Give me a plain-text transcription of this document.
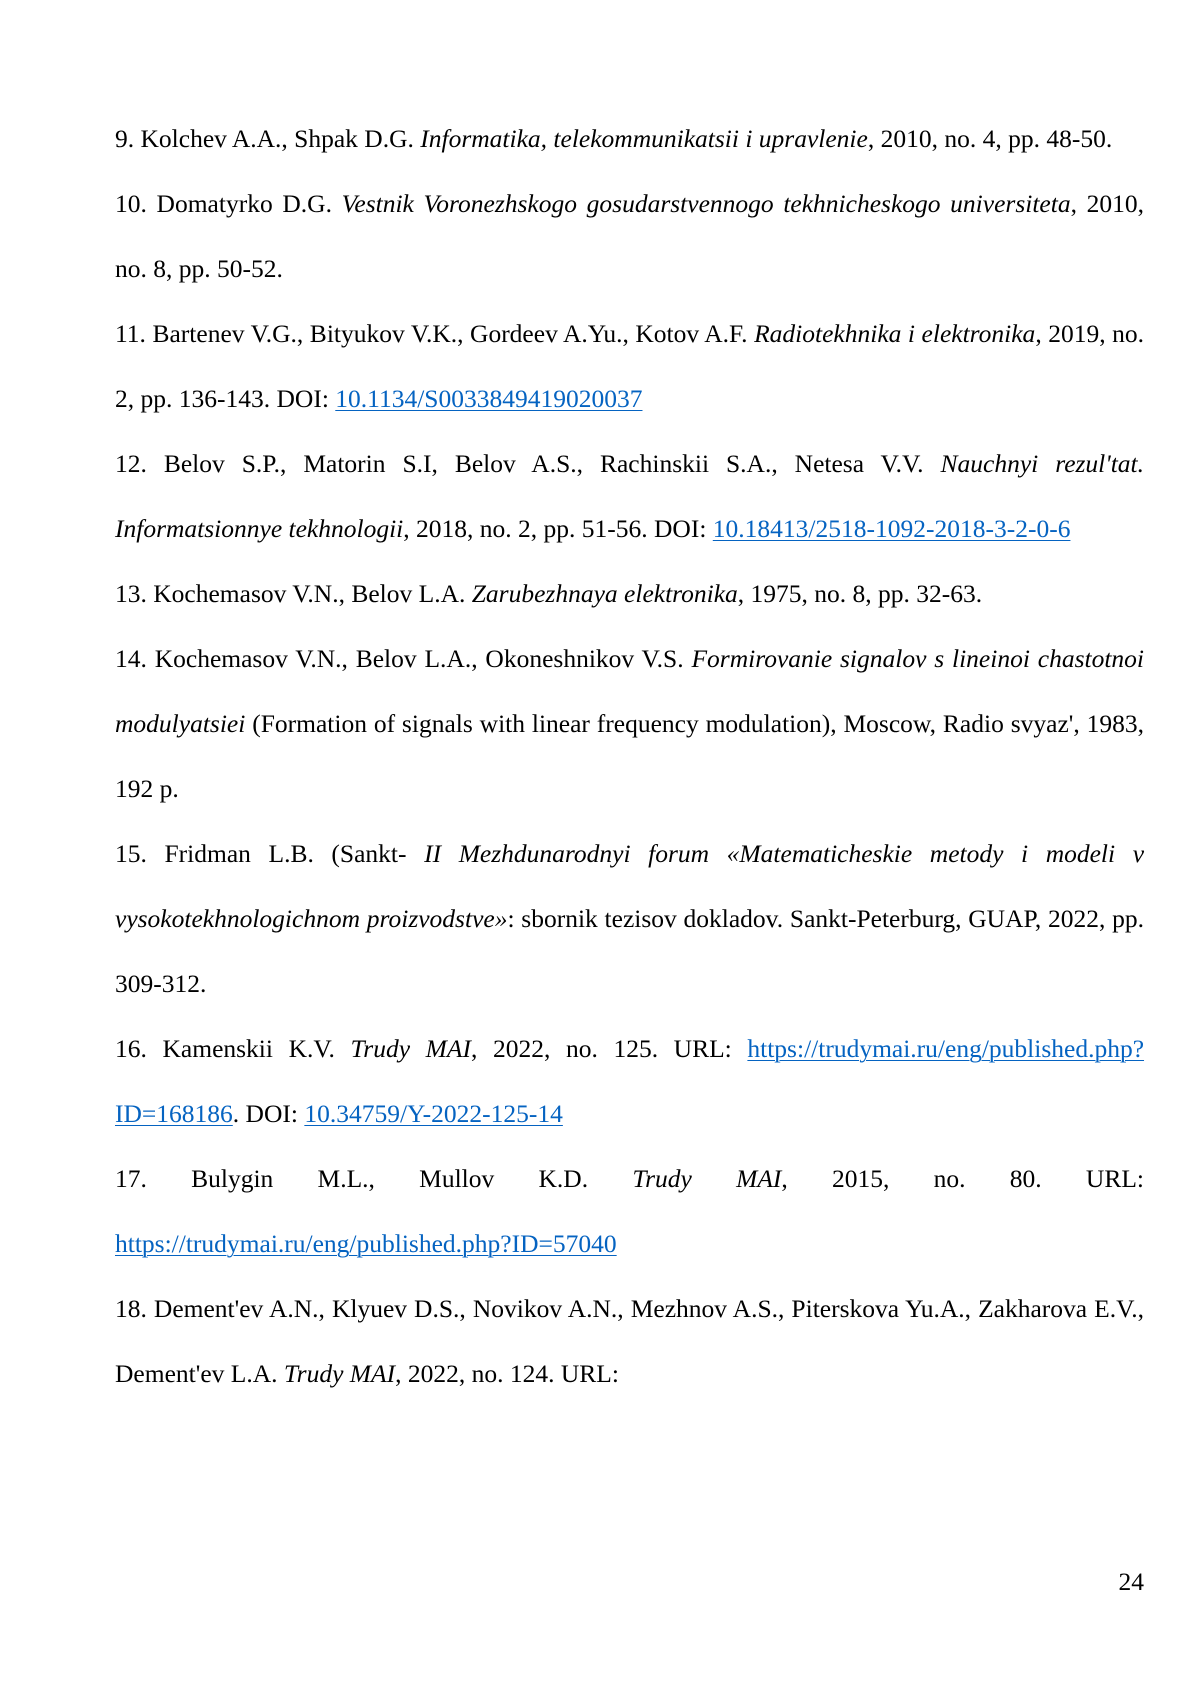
9. Kolchev A.A., Shpak D.G. Informatika, telekommunikatsii i upravlenie, 2010, no. 4, pp. 48-50.

10. Domatyrko D.G. Vestnik Voronezhskogo gosudarstvennogo tekhnicheskogo universiteta, 2010, no. 8, pp. 50-52.

11. Bartenev V.G., Bityukov V.K., Gordeev A.Yu., Kotov A.F. Radiotekhnika i elektronika, 2019, no. 2, pp. 136-143. DOI: 10.1134/S0033849419020037

12. Belov S.P., Matorin S.I, Belov A.S., Rachinskii S.A., Netesa V.V. Nauchnyi rezul'tat. Informatsionnye tekhnologii, 2018, no. 2, pp. 51-56. DOI: 10.18413/2518-1092-2018-3-2-0-6

13. Kochemasov V.N., Belov L.A. Zarubezhnaya elektronika, 1975, no. 8, pp. 32-63.

14. Kochemasov V.N., Belov L.A., Okoneshnikov V.S. Formirovanie signalov s lineinoi chastotnoi modulyatsiei (Formation of signals with linear frequency modulation), Moscow, Radio svyaz', 1983, 192 p.

15. Fridman L.B. (Sankt- II Mezhdunarodnyi forum «Matematicheskie metody i modeli v vysokotekhnologichnom proizvodstve»: sbornik tezisov dokladov. Sankt-Peterburg, GUAP, 2022, pp. 309-312.

16. Kamenskii K.V. Trudy MAI, 2022, no. 125. URL: https://trudymai.ru/eng/published.php?ID=168186. DOI: 10.34759/Y-2022-125-14

17. Bulygin M.L., Mullov K.D. Trudy MAI, 2015, no. 80. URL: https://trudymai.ru/eng/published.php?ID=57040

18. Dement'ev A.N., Klyuev D.S., Novikov A.N., Mezhnov A.S., Piterskova Yu.A., Zakharova E.V., Dement'ev L.A. Trudy MAI, 2022, no. 124. URL:

24
